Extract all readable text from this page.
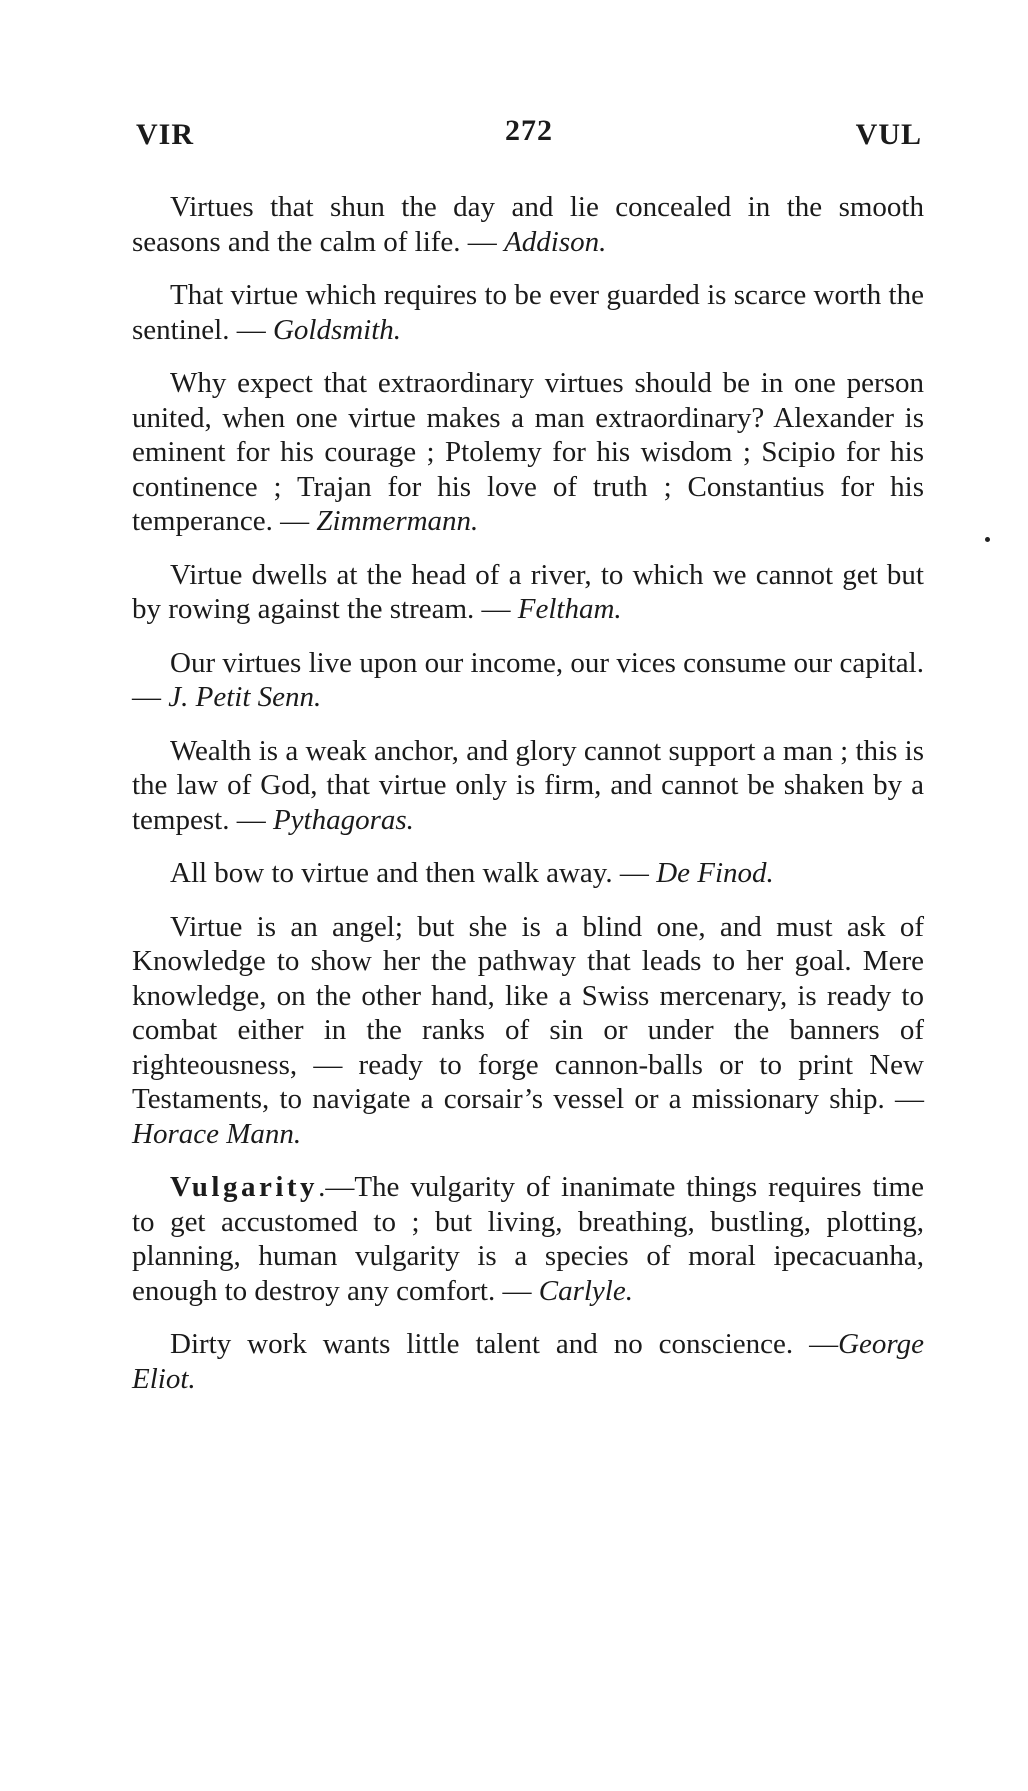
VIR	272	VUL

Virtues that shun the day and lie concealed in the smooth seasons and the calm of life. — Addison.

That virtue which requires to be ever guarded is scarce worth the sentinel. — Goldsmith.

Why expect that extraordinary virtues should be in one person united, when one virtue makes a man extraordinary? Alexander is eminent for his courage ; Ptolemy for his wisdom ; Scipio for his continence ; Trajan for his love of truth ; Constantius for his temperance. — Zimmermann.

Virtue dwells at the head of a river, to which we cannot get but by rowing against the stream. — Feltham.

Our virtues live upon our income, our vices consume our capital. — J. Petit Senn.

Wealth is a weak anchor, and glory cannot support a man ; this is the law of God, that virtue only is firm, and cannot be shaken by a tempest. — Pythagoras.

All bow to virtue and then walk away. — De Finod.

Virtue is an angel; but she is a blind one, and must ask of Knowledge to show her the pathway that leads to her goal. Mere knowledge, on the other hand, like a Swiss mercenary, is ready to combat either in the ranks of sin or under the banners of righteousness, — ready to forge cannon-balls or to print New Testaments, to navigate a corsair’s vessel or a missionary ship. — Horace Mann.

Vulgarity.—The vulgarity of inanimate things requires time to get accustomed to ; but living, breathing, bustling, plotting, planning, human vulgarity is a species of moral ipecacuanha, enough to destroy any comfort. — Carlyle.

Dirty work wants little talent and no conscience. —George Eliot.
